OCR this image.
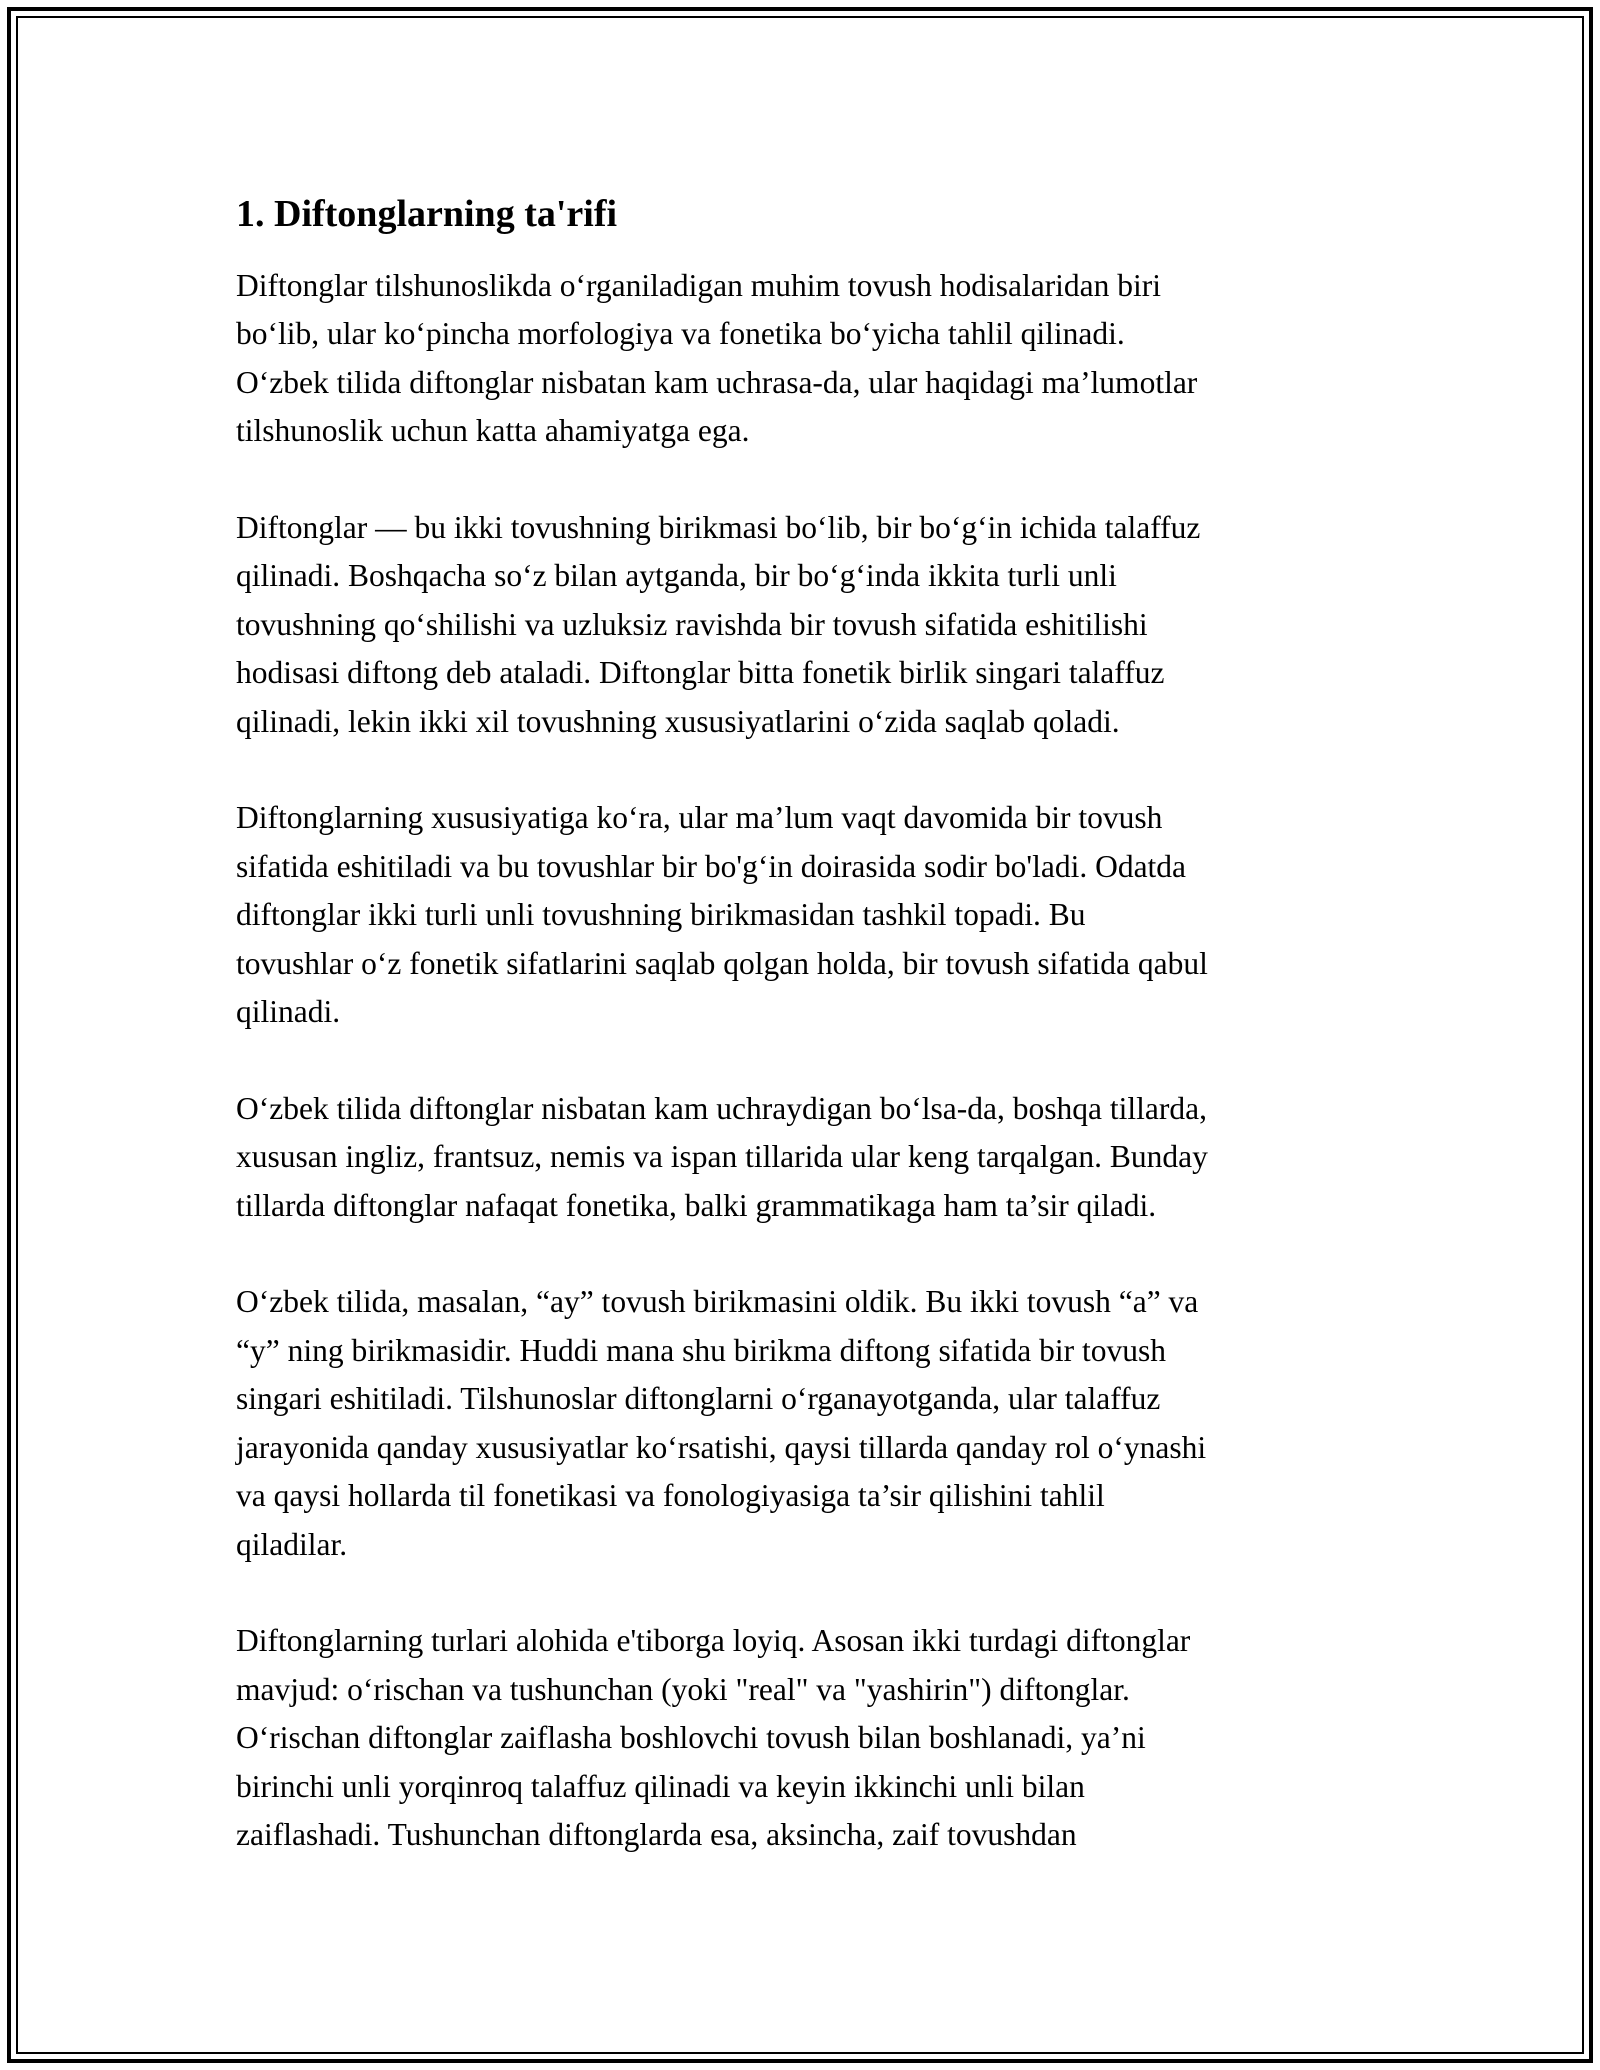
1. Diftonglarning ta'rifi

Diftonglar tilshunoslikda o‘rganiladigan muhim tovush hodisalaridan biri
bo‘lib, ular ko‘pincha morfologiya va fonetika bo‘yicha tahlil qilinadi.
O‘zbek tilida diftonglar nisbatan kam uchrasa-da, ular haqidagi ma’lumotlar
tilshunoslik uchun katta ahamiyatga ega.

Diftonglar — bu ikki tovushning birikmasi bo‘lib, bir bo‘g‘in ichida talaffuz
qilinadi. Boshqacha so‘z bilan aytganda, bir bo‘g‘inda ikkita turli unli
tovushning qo‘shilishi va uzluksiz ravishda bir tovush sifatida eshitilishi
hodisasi diftong deb ataladi. Diftonglar bitta fonetik birlik singari talaffuz
qilinadi, lekin ikki xil tovushning xususiyatlarini o‘zida saqlab qoladi.

Diftonglarning xususiyatiga ko‘ra, ular ma’lum vaqt davomida bir tovush
sifatida eshitiladi va bu tovushlar bir bo'g‘in doirasida sodir bo'ladi. Odatda
diftonglar ikki turli unli tovushning birikmasidan tashkil topadi. Bu
tovushlar o‘z fonetik sifatlarini saqlab qolgan holda, bir tovush sifatida qabul
qilinadi.

O‘zbek tilida diftonglar nisbatan kam uchraydigan bo‘lsa-da, boshqa tillarda,
xususan ingliz, frantsuz, nemis va ispan tillarida ular keng tarqalgan. Bunday
tillarda diftonglar nafaqat fonetika, balki grammatikaga ham ta’sir qiladi.

O‘zbek tilida, masalan, “ay” tovush birikmasini oldik. Bu ikki tovush “a” va
“y” ning birikmasidir. Huddi mana shu birikma diftong sifatida bir tovush
singari eshitiladi. Tilshunoslar diftonglarni o‘rganayotganda, ular talaffuz
jarayonida qanday xususiyatlar ko‘rsatishi, qaysi tillarda qanday rol o‘ynashi
va qaysi hollarda til fonetikasi va fonologiyasiga ta’sir qilishini tahlil
qiladilar.

Diftonglarning turlari alohida e'tiborga loyiq. Asosan ikki turdagi diftonglar
mavjud: o‘rischan va tushunchan (yoki "real" va "yashirin") diftonglar.
O‘rischan diftonglar zaiflasha boshlovchi tovush bilan boshlanadi, ya’ni
birinchi unli yorqinroq talaffuz qilinadi va keyin ikkinchi unli bilan
zaiflashadi. Tushunchan diftonglarda esa, aksincha, zaif tovushdan
